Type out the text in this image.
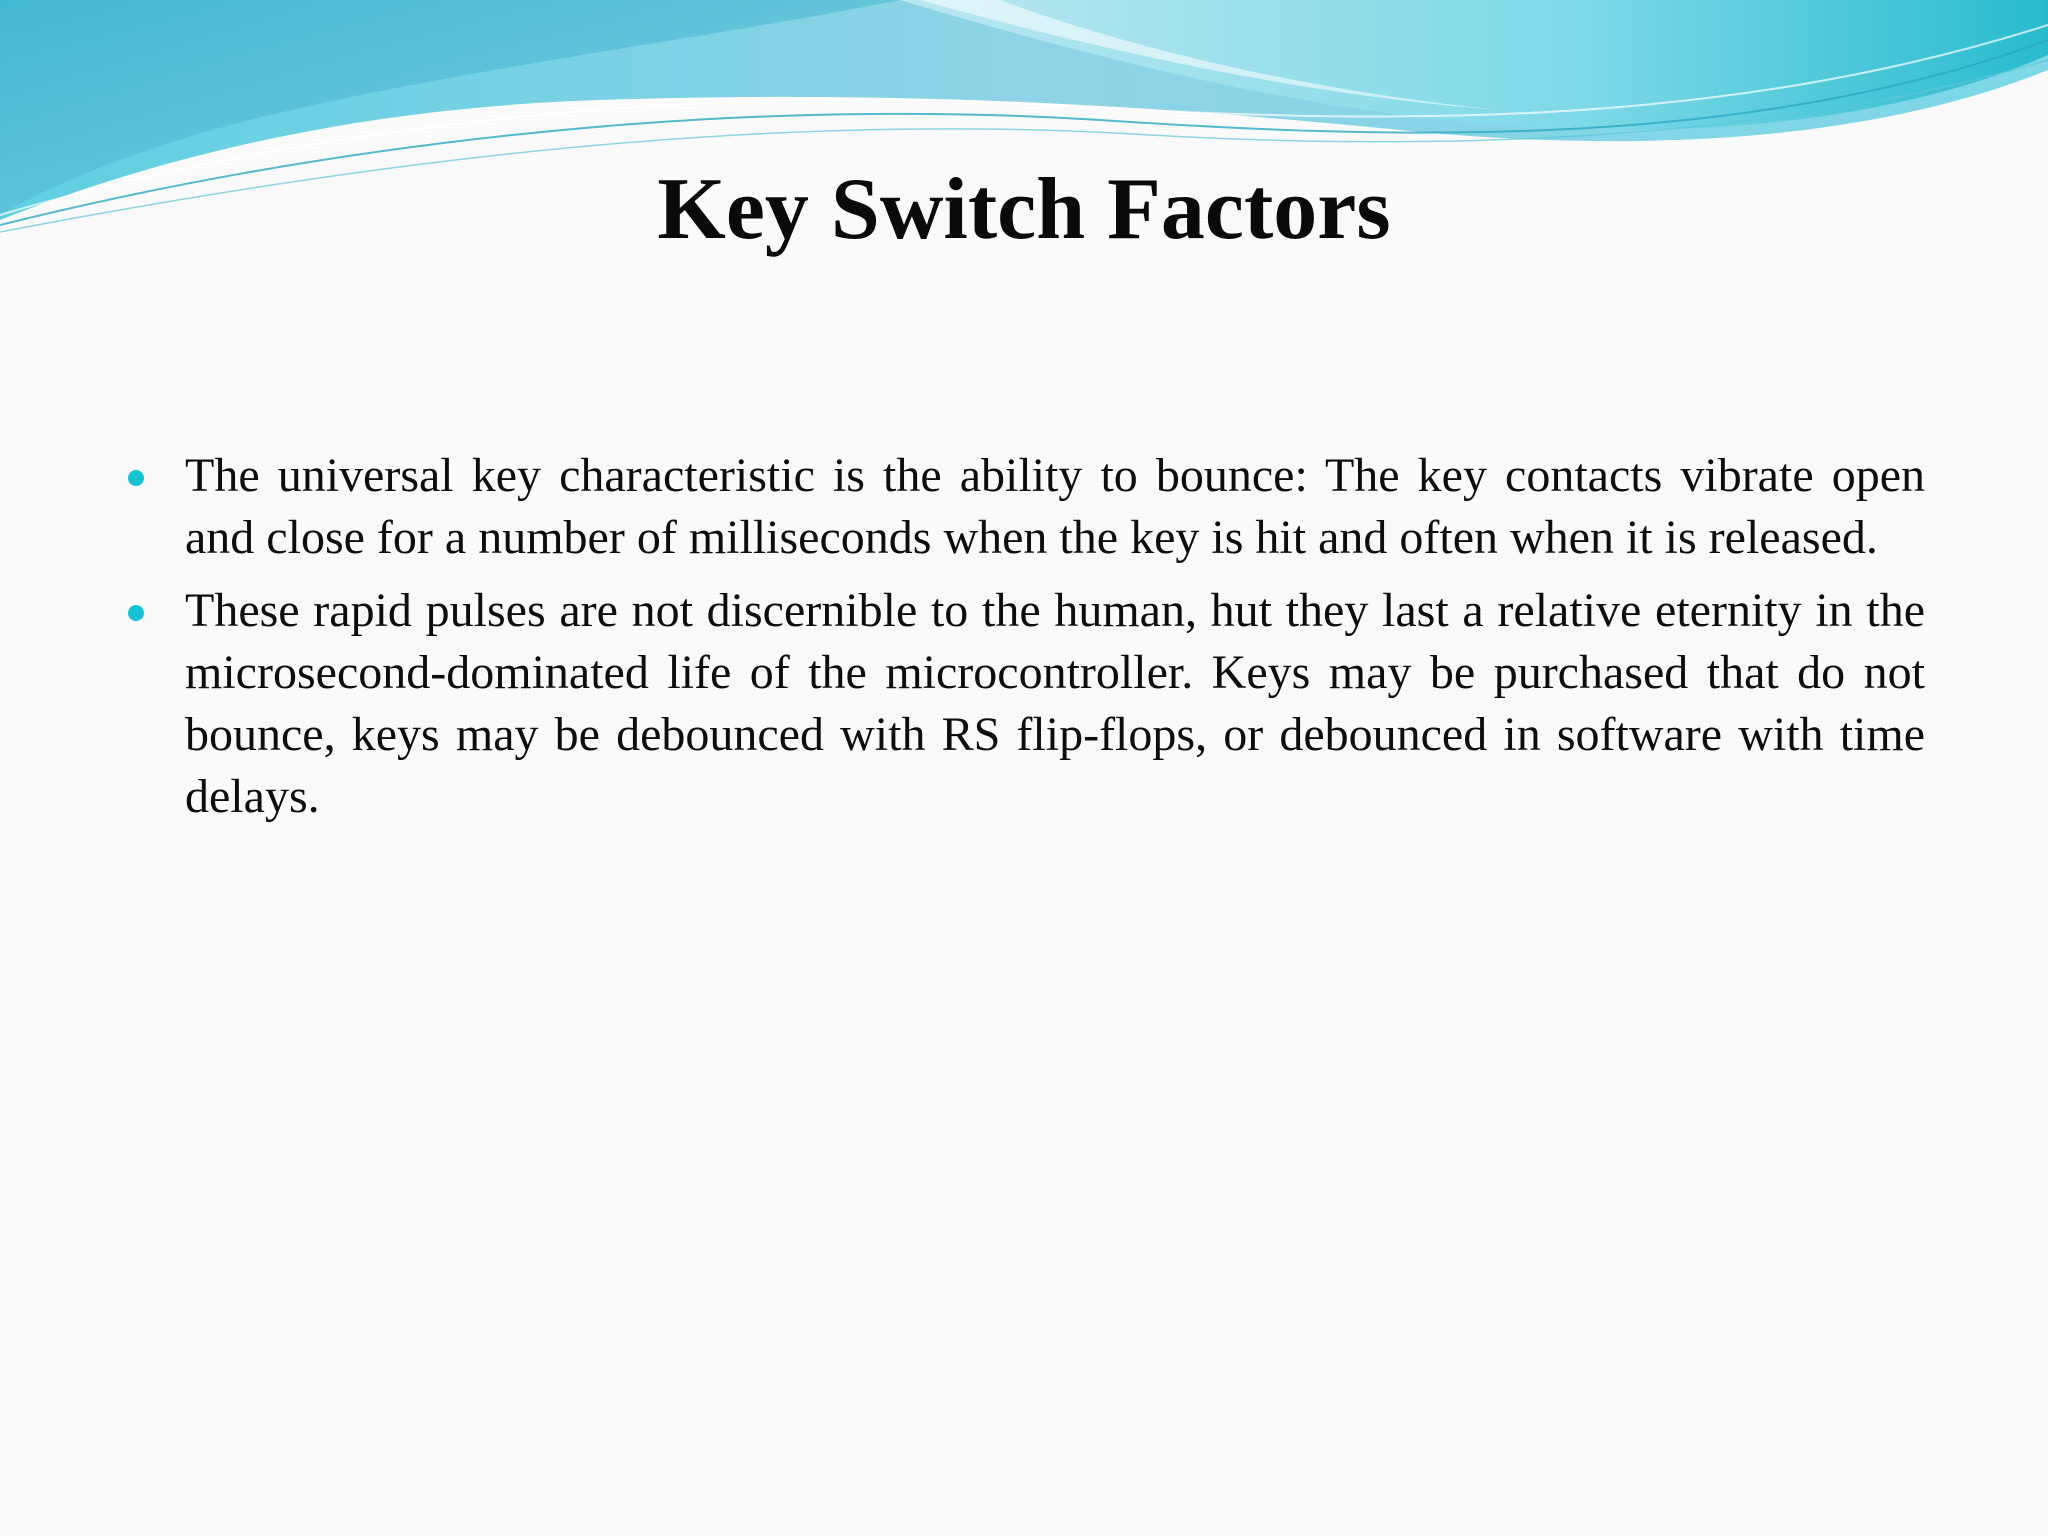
Key Switch Factors
The universal key characteristic is the ability to bounce: The key contacts vibrate open and close for a number of milliseconds when the key is hit and often when it is released.
These rapid pulses are not discernible to the human, hut they last a relative eternity in the microsecond-dominated life of the microcontroller. Keys may be purchased that do not bounce, keys may be debounced with RS flip-flops, or debounced in software with time delays.
